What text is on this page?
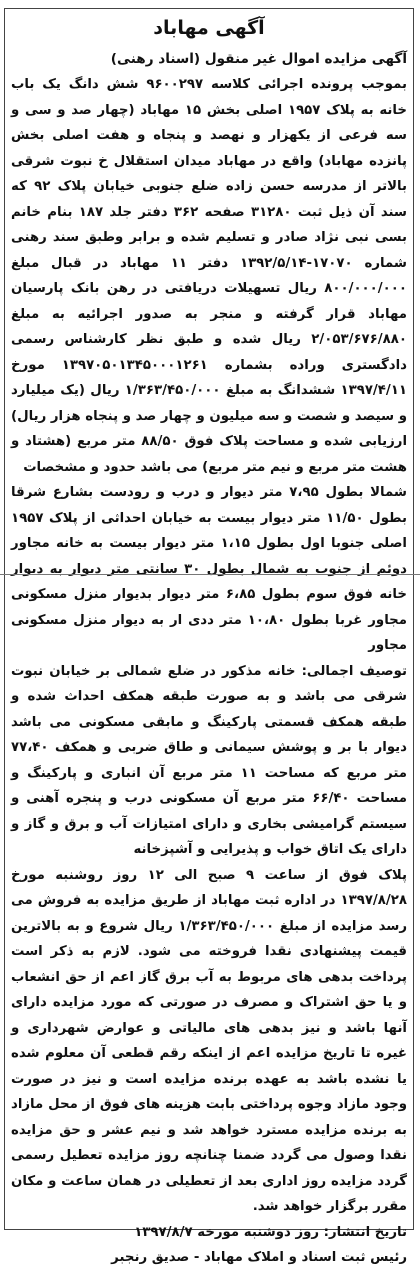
آگهی مهاباد
آگهی مزایده اموال غیر منقول (اسناد رهنی)

بموجب پرونده اجرائی کلاسه ۹۶۰۰۲۹۷ شش دانگ یک باب خانه به پلاک ۱۹۵۷ اصلی بخش ۱۵ مهاباد (چهار صد و سی و سه فرعی از یکهزار و نهصد و پنجاه و هفت اصلی بخش پانزده مهاباد) واقع در مهاباد میدان استقلال خ نبوت شرقی بالاتر از مدرسه حسن زاده ضلع جنوبی خیابان پلاک ۹۲ که سند آن ذیل ثبت ۳۱۲۸۰ صفحه ۳۶۲ دفتر جلد ۱۸۷ بنام خانم بسی نبی نژاد صادر و تسلیم شده و برابر وطبق سند رهنی شماره ۱۷۰۷۰-۱۳۹۲/۵/۱۴ دفتر ۱۱ مهاباد در قبال مبلغ ۸۰۰/۰۰۰/۰۰۰ ریال تسهیلات دریافتی در رهن بانک پارسیان مهاباد قرار گرفته و منجر به صدور اجرائیه به مبلغ ۲/۰۵۳/۶۷۶/۸۸۰ ریال شده و طبق نظر کارشناس رسمی دادگستری وراده بشماره ۱۳۹۷۰۵۰۱۳۴۵۰۰۰۱۲۶۱ مورخ ۱۳۹۷/۴/۱۱ ششدانگ به مبلغ ۱/۳۶۳/۴۵۰/۰۰۰ ریال (یک میلیارد و سیصد و شصت و سه میلیون و چهار صد و پنجاه هزار ریال) ارزیابی شده و مساحت پلاک فوق ۸۸/۵۰ متر مربع (هشتاد و هشت متر مربع و نیم متر مربع) می باشد حدود و مشخصات

شمالا بطول ۷،۹۵ متر دیوار و درب و رودست بشارع شرقا بطول ۱۱/۵۰ متر دیوار بیست به خیابان احداثی از پلاک ۱۹۵۷ اصلی جنوبا اول بطول ۱،۱۵ متر دیوار بیست به خانه مجاور دوئم از جنوب به شمال بطول ۳۰ سانتی متر دیوار به دیوار خانه فوق سوم بطول ۶،۸۵ متر دیوار بدیوار منزل مسکونی مجاور غربا بطول ۱۰،۸۰ متر ددی ار به دیوار منزل مسکونی مجاور

توصیف اجمالی: خانه مذکور در ضلع شمالی بر خیابان نبوت شرقی می باشد و به صورت طبقه همکف احداث شده و طبقه همکف قسمتی پارکینگ و مابقی مسکونی می باشد دیوار با بر و پوشش سیمانی و طاق ضربی و همکف ۷۷،۴۰ متر مربع که مساحت ۱۱ متر مربع آن انباری و پارکینگ و مساحت ۶۶/۴۰ متر مربع آن مسکونی درب و پنجره آهنی و سیستم گرامیشی بخاری و دارای امتیازات آب و برق و گاز و دارای یک اتاق خواب و پذیرایی و آشپزخانه

پلاک فوق از ساعت ۹ صبح الی ۱۲ روز روشنبه مورخ ۱۳۹۷/۸/۲۸ در اداره ثبت مهاباد از طریق مزایده به فروش می رسد مزایده از مبلغ ۱/۳۶۳/۴۵۰/۰۰۰ ریال شروع و به بالاترین قیمت پیشنهادی نقدا فروخته می شود. لازم به ذکر است پرداخت بدهی های مربوط به آب برق گاز اعم از حق انشعاب و یا حق اشتراک و مصرف در صورتی که مورد مزایده دارای آنها باشد و نیز بدهی های مالیاتی و عوارض شهرداری و غیره تا تاریخ مزایده اعم از اینکه رقم قطعی آن معلوم شده یا نشده باشد به عهده برنده مزایده است و نیز در صورت وجود مازاد وجوه پرداختی بابت هزینه های فوق از محل مازاد به برنده مزایده مسترد خواهد شد و نیم عشر و حق مزایده نقدا وصول می گردد ضمنا چنانچه روز مزایده تعطیل رسمی گردد مزایده روز اداری بعد از تعطیلی در همان ساعت و مکان مقرر برگزار خواهد شد.

تاریخ انتشار: روز دوشنبه مورخه ۱۳۹۷/۸/۷
رئیس ثبت اسناد و املاک مهاباد - صدیق رنجبر
